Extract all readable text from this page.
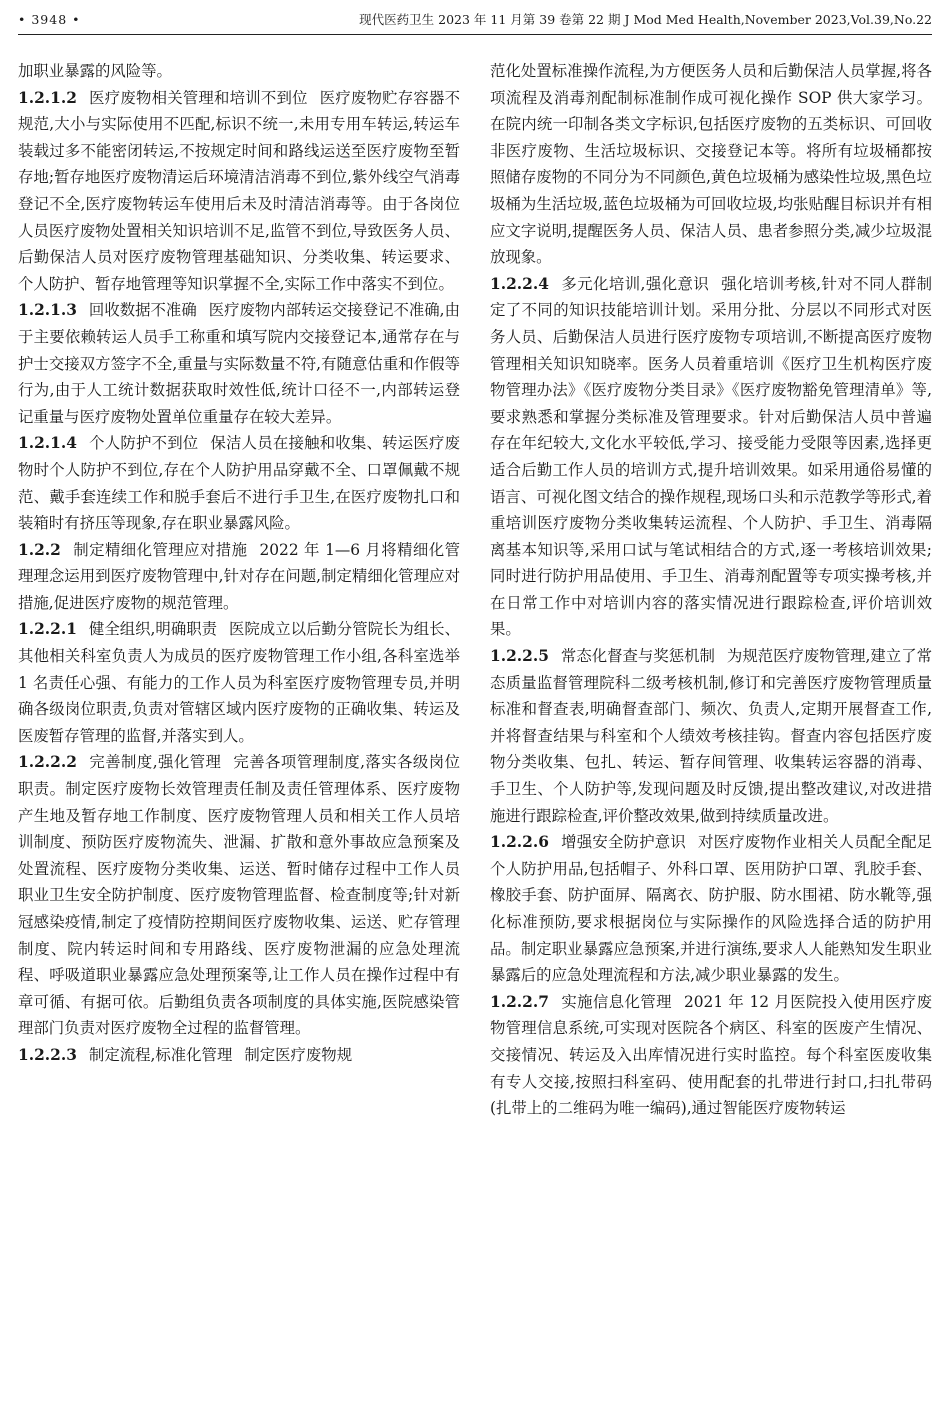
• 3948 •	现代医药卫生 2023 年 11 月第 39 卷第 22 期 J Mod Med Health,November 2023,Vol.39,No.22

加职业暴露的风险等。

1.2.1.2 医疗废物相关管理和培训不到位 医疗废物贮存容器不规范,大小与实际使用不匹配,标识不统一,未用专用车转运,转运车装载过多不能密闭转运,不按规定时间和路线运送至医疗废物至暂存地;暂存地医疗废物清运后环境清洁消毒不到位,紫外线空气消毒登记不全,医疗废物转运车使用后未及时清洁消毒等。由于各岗位人员医疗废物处置相关知识培训不足,监管不到位,导致医务人员、后勤保洁人员对医疗废物管理基础知识、分类收集、转运要求、个人防护、暂存地管理等知识掌握不全,实际工作中落实不到位。

1.2.1.3 回收数据不准确 医疗废物内部转运交接登记不准确,由于主要依赖转运人员手工称重和填写院内交接登记本,通常存在与护士交接双方签字不全,重量与实际数量不符,有随意估重和作假等行为,由于人工统计数据获取时效性低,统计口径不一,内部转运登记重量与医疗废物处置单位重量存在较大差异。

1.2.1.4 个人防护不到位 保洁人员在接触和收集、转运医疗废物时个人防护不到位,存在个人防护用品穿戴不全、口罩佩戴不规范、戴手套连续工作和脱手套后不进行手卫生,在医疗废物扎口和装箱时有挤压等现象,存在职业暴露风险。

1.2.2 制定精细化管理应对措施 2022 年 1—6 月将精细化管理理念运用到医疗废物管理中,针对存在问题,制定精细化管理应对措施,促进医疗废物的规范管理。

1.2.2.1 健全组织,明确职责 医院成立以后勤分管院长为组长、其他相关科室负责人为成员的医疗废物管理工作小组,各科室选举 1 名责任心强、有能力的工作人员为科室医疗废物管理专员,并明确各级岗位职责,负责对管辖区域内医疗废物的正确收集、转运及医废暂存管理的监督,并落实到人。

1.2.2.2 完善制度,强化管理 完善各项管理制度,落实各级岗位职责。制定医疗废物长效管理责任制及责任管理体系、医疗废物产生地及暂存地工作制度、医疗废物管理人员和相关工作人员培训制度、预防医疗废物流失、泄漏、扩散和意外事故应急预案及处置流程、医疗废物分类收集、运送、暂时储存过程中工作人员职业卫生安全防护制度、医疗废物管理监督、检查制度等;针对新冠感染疫情,制定了疫情防控期间医疗废物收集、运送、贮存管理制度、院内转运时间和专用路线、医疗废物泄漏的应急处理流程、呼吸道职业暴露应急处理预案等,让工作人员在操作过程中有章可循、有据可依。后勤组负责各项制度的具体实施,医院感染管理部门负责对医疗废物全过程的监督管理。

1.2.2.3 制定流程,标准化管理 制定医疗废物规

范化处置标准操作流程,为方便医务人员和后勤保洁人员掌握,将各项流程及消毒剂配制标准制作成可视化操作 SOP 供大家学习。在院内统一印制各类文字标识,包括医疗废物的五类标识、可回收非医疗废物、生活垃圾标识、交接登记本等。将所有垃圾桶都按照储存废物的不同分为不同颜色,黄色垃圾桶为感染性垃圾,黑色垃圾桶为生活垃圾,蓝色垃圾桶为可回收垃圾,均张贴醒目标识并有相应文字说明,提醒医务人员、保洁人员、患者参照分类,减少垃圾混放现象。

1.2.2.4 多元化培训,强化意识 强化培训考核,针对不同人群制定了不同的知识技能培训计划。采用分批、分层以不同形式对医务人员、后勤保洁人员进行医疗废物专项培训,不断提高医疗废物管理相关知识知晓率。医务人员着重培训《医疗卫生机构医疗废物管理办法》《医疗废物分类目录》《医疗废物豁免管理清单》等,要求熟悉和掌握分类标准及管理要求。针对后勤保洁人员中普遍存在年纪较大,文化水平较低,学习、接受能力受限等因素,选择更适合后勤工作人员的培训方式,提升培训效果。如采用通俗易懂的语言、可视化图文结合的操作规程,现场口头和示范教学等形式,着重培训医疗废物分类收集转运流程、个人防护、手卫生、消毒隔离基本知识等,采用口试与笔试相结合的方式,逐一考核培训效果;同时进行防护用品使用、手卫生、消毒剂配置等专项实操考核,并在日常工作中对培训内容的落实情况进行跟踪检查,评价培训效果。

1.2.2.5 常态化督查与奖惩机制 为规范医疗废物管理,建立了常态质量监督管理院科二级考核机制,修订和完善医疗废物管理质量标准和督查表,明确督查部门、频次、负责人,定期开展督查工作,并将督查结果与科室和个人绩效考核挂钩。督查内容包括医疗废物分类收集、包扎、转运、暂存间管理、收集转运容器的消毒、手卫生、个人防护等,发现问题及时反馈,提出整改建议,对改进措施进行跟踪检查,评价整改效果,做到持续质量改进。

1.2.2.6 增强安全防护意识 对医疗废物作业相关人员配全配足个人防护用品,包括帽子、外科口罩、医用防护口罩、乳胶手套、橡胶手套、防护面屏、隔离衣、防护服、防水围裙、防水靴等,强化标准预防,要求根据岗位与实际操作的风险选择合适的防护用品。制定职业暴露应急预案,并进行演练,要求人人能熟知发生职业暴露后的应急处理流程和方法,减少职业暴露的发生。

1.2.2.7 实施信息化管理 2021 年 12 月医院投入使用医疗废物管理信息系统,可实现对医院各个病区、科室的医废产生情况、交接情况、转运及入出库情况进行实时监控。每个科室医废收集有专人交接,按照扫科室码、使用配套的扎带进行封口,扫扎带码(扎带上的二维码为唯一编码),通过智能医疗废物转运
